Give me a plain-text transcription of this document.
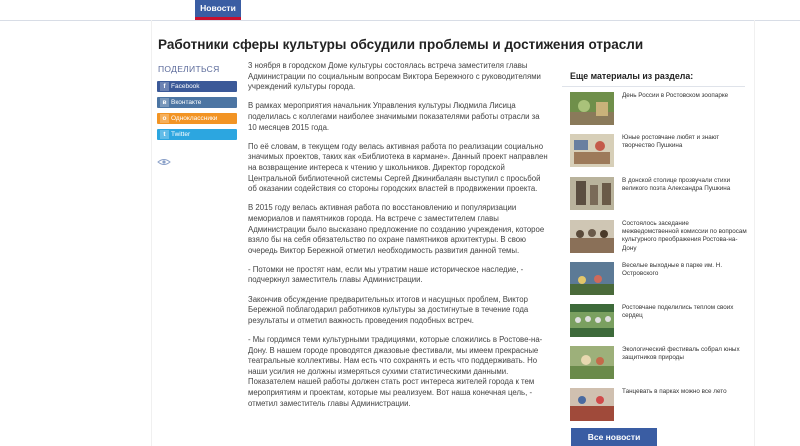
Новости
Работники сферы культуры обсудили проблемы и достижения отрасли
ПОДЕЛИТЬСЯ
f Facebook
в Вконтакте
о Одноклассники
t Twitter

3 ноября в городском Доме культуры состоялась встреча заместителя главы Администрации по социальным вопросам Виктора Бережного с руководителями учреждений культуры города.

В рамках мероприятия начальник Управления культуры Людмила Лисица поделилась с коллегами наиболее значимыми показателями работы отрасли за 10 месяцев 2015 года.

По её словам, в текущем году велась активная работа по реализации социально значимых проектов, таких как «Библиотека в кармане». Данный проект направлен на возвращение интереса к чтению у школьников. Директор городской Центральной библиотечной системы Сергей Джинибалаян выступил с просьбой об оказании содействия со стороны городских властей в продвижении проекта.

В 2015 году велась активная работа по восстановлению и популяризации мемориалов и памятников города. На встрече с заместителем главы Администрации было высказано предложение по созданию учреждения, которое взяло бы на себя обязательство по охране памятников архитектуры. В свою очередь Виктор Бережной отметил необходимость развития данной темы.

- Потомки не простят нам, если мы утратим наше историческое наследие, - подчеркнул заместитель главы Администрации.

Закончив обсуждение предварительных итогов и насущных проблем, Виктор Бережной поблагодарил работников культуры за достигнутые в течение года результаты и отметил важность проведения подобных встреч.

- Мы гордимся теми культурными традициями, которые сложились в Ростове-на-Дону. В нашем городе проводятся джазовые фестивали, мы имеем прекрасные театральные коллективы. Нам есть что сохранять и есть что поддерживать. Но наши усилия не должны измеряться сухими статистическими данными. Показателем нашей работы должен стать рост интереса жителей города к тем мероприятиям и проектам, которые мы реализуем. Вот наша конечная цель, - отметил заместитель главы Администрации.

Еще материалы из раздела:
День России в Ростовском зоопарке
Юные ростовчане любят и знают творчество Пушкина
В донской столице прозвучали стихи великого поэта Александра Пушкина
Состоялось заседание межведомственной комиссии по вопросам культурного преображения Ростова-на-Дону
Веселые выходные в парке им. Н. Островского
Ростовчане поделились теплом своих сердец
Экологический фестиваль собрал юных защитников природы
Танцевать в парках можно все лето
Все новости
